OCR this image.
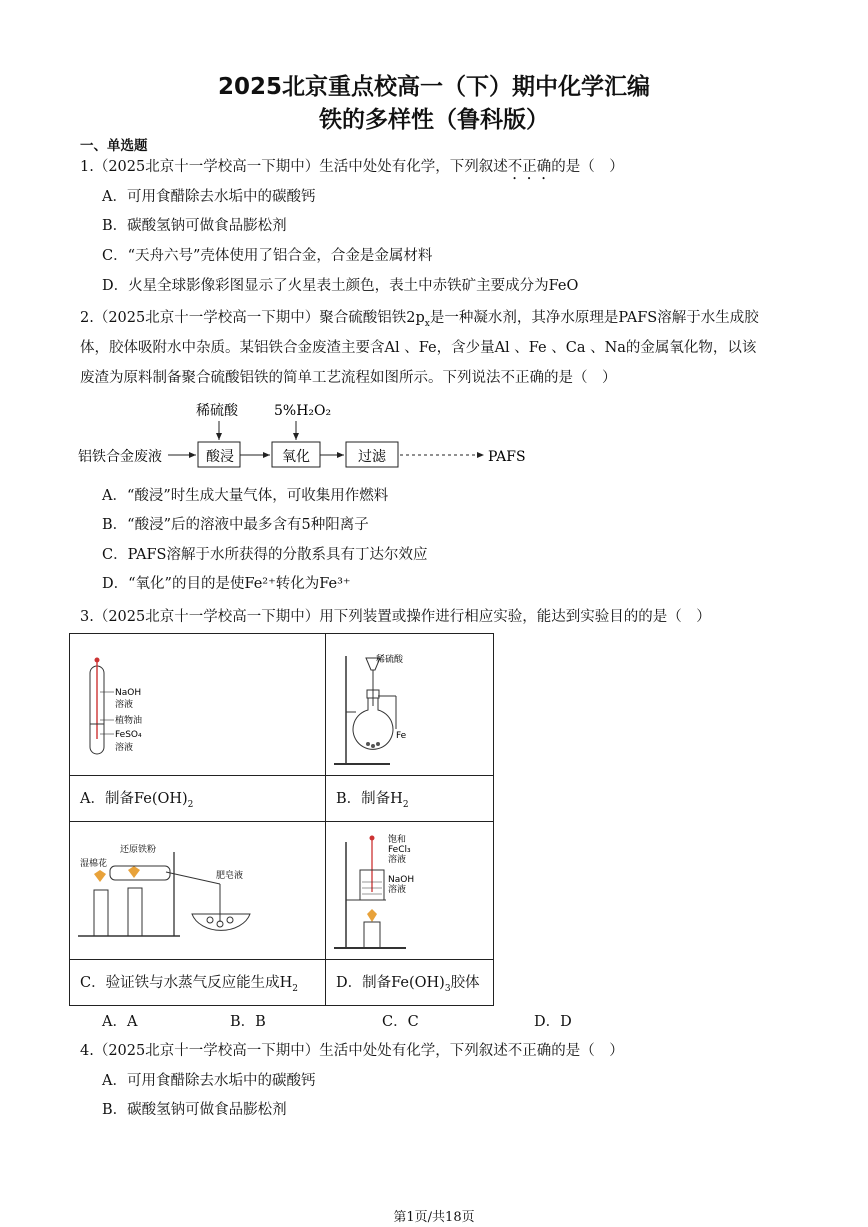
2025北京重点校高一（下）期中化学汇编
铁的多样性（鲁科版）
一、单选题
1.（2025北京十一学校高一下期中）生活中处处有化学，下列叙述不正确的是（　）
A．可用食醋除去水垢中的碳酸钙
B．碳酸氢钠可做食品膨松剂
C．“天舟六号”壳体使用了铝合金，合金是金属材料
D．火星全球影像彩图显示了火星表土颜色，表土中赤铁矿主要成分为FeO
2.（2025北京十一学校高一下期中）聚合硫酸铝铁$2p_x$是一种凝水剂，其净水原理是PAFS溶解于水生成胶
体，胶体吸附水中杂质。某铝铁合金废渣主要含Al 、Fe，含少量Al 、Fe 、Ca 、Na的金属氧化物，以该
废渣为原料制备聚合硫酸铝铁的简单工艺流程如图所示。下列说法不正确的是（　）
铝铁合金废液	酸浸	氧化	过滤	PAFS
稀硫酸	5%H₂O₂
A．“酸浸”时生成大量气体，可收集用作燃料
B．“酸浸”后的溶液中最多含有5种阳离子
C．PAFS溶解于水所获得的分散系具有丁达尔效应
D．“氧化”的目的是使Fe²⁺转化为Fe³⁺
3.（2025北京十一学校高一下期中）用下列装置或操作进行相应实验，能达到实验目的的是（　）
NaOH
溶液
植物油
FeSO₄
溶液	稀硫酸
Fe

A．制备$Fe(OH)_2$	B．制备$H_2$

湿棉花
还原铁粉
肥皂液	饱和
FeCl₃
溶液
NaOH
溶液

C．验证铁与水蒸气反应能生成$H_2$	D．制备$Fe(OH)_3$胶体
A．A	B．B	C．C	D．D
4.（2025北京十一学校高一下期中）生活中处处有化学，下列叙述不正确的是（　）
A．可用食醋除去水垢中的碳酸钙
B．碳酸氢钠可做食品膨松剂
第1页/共18页
